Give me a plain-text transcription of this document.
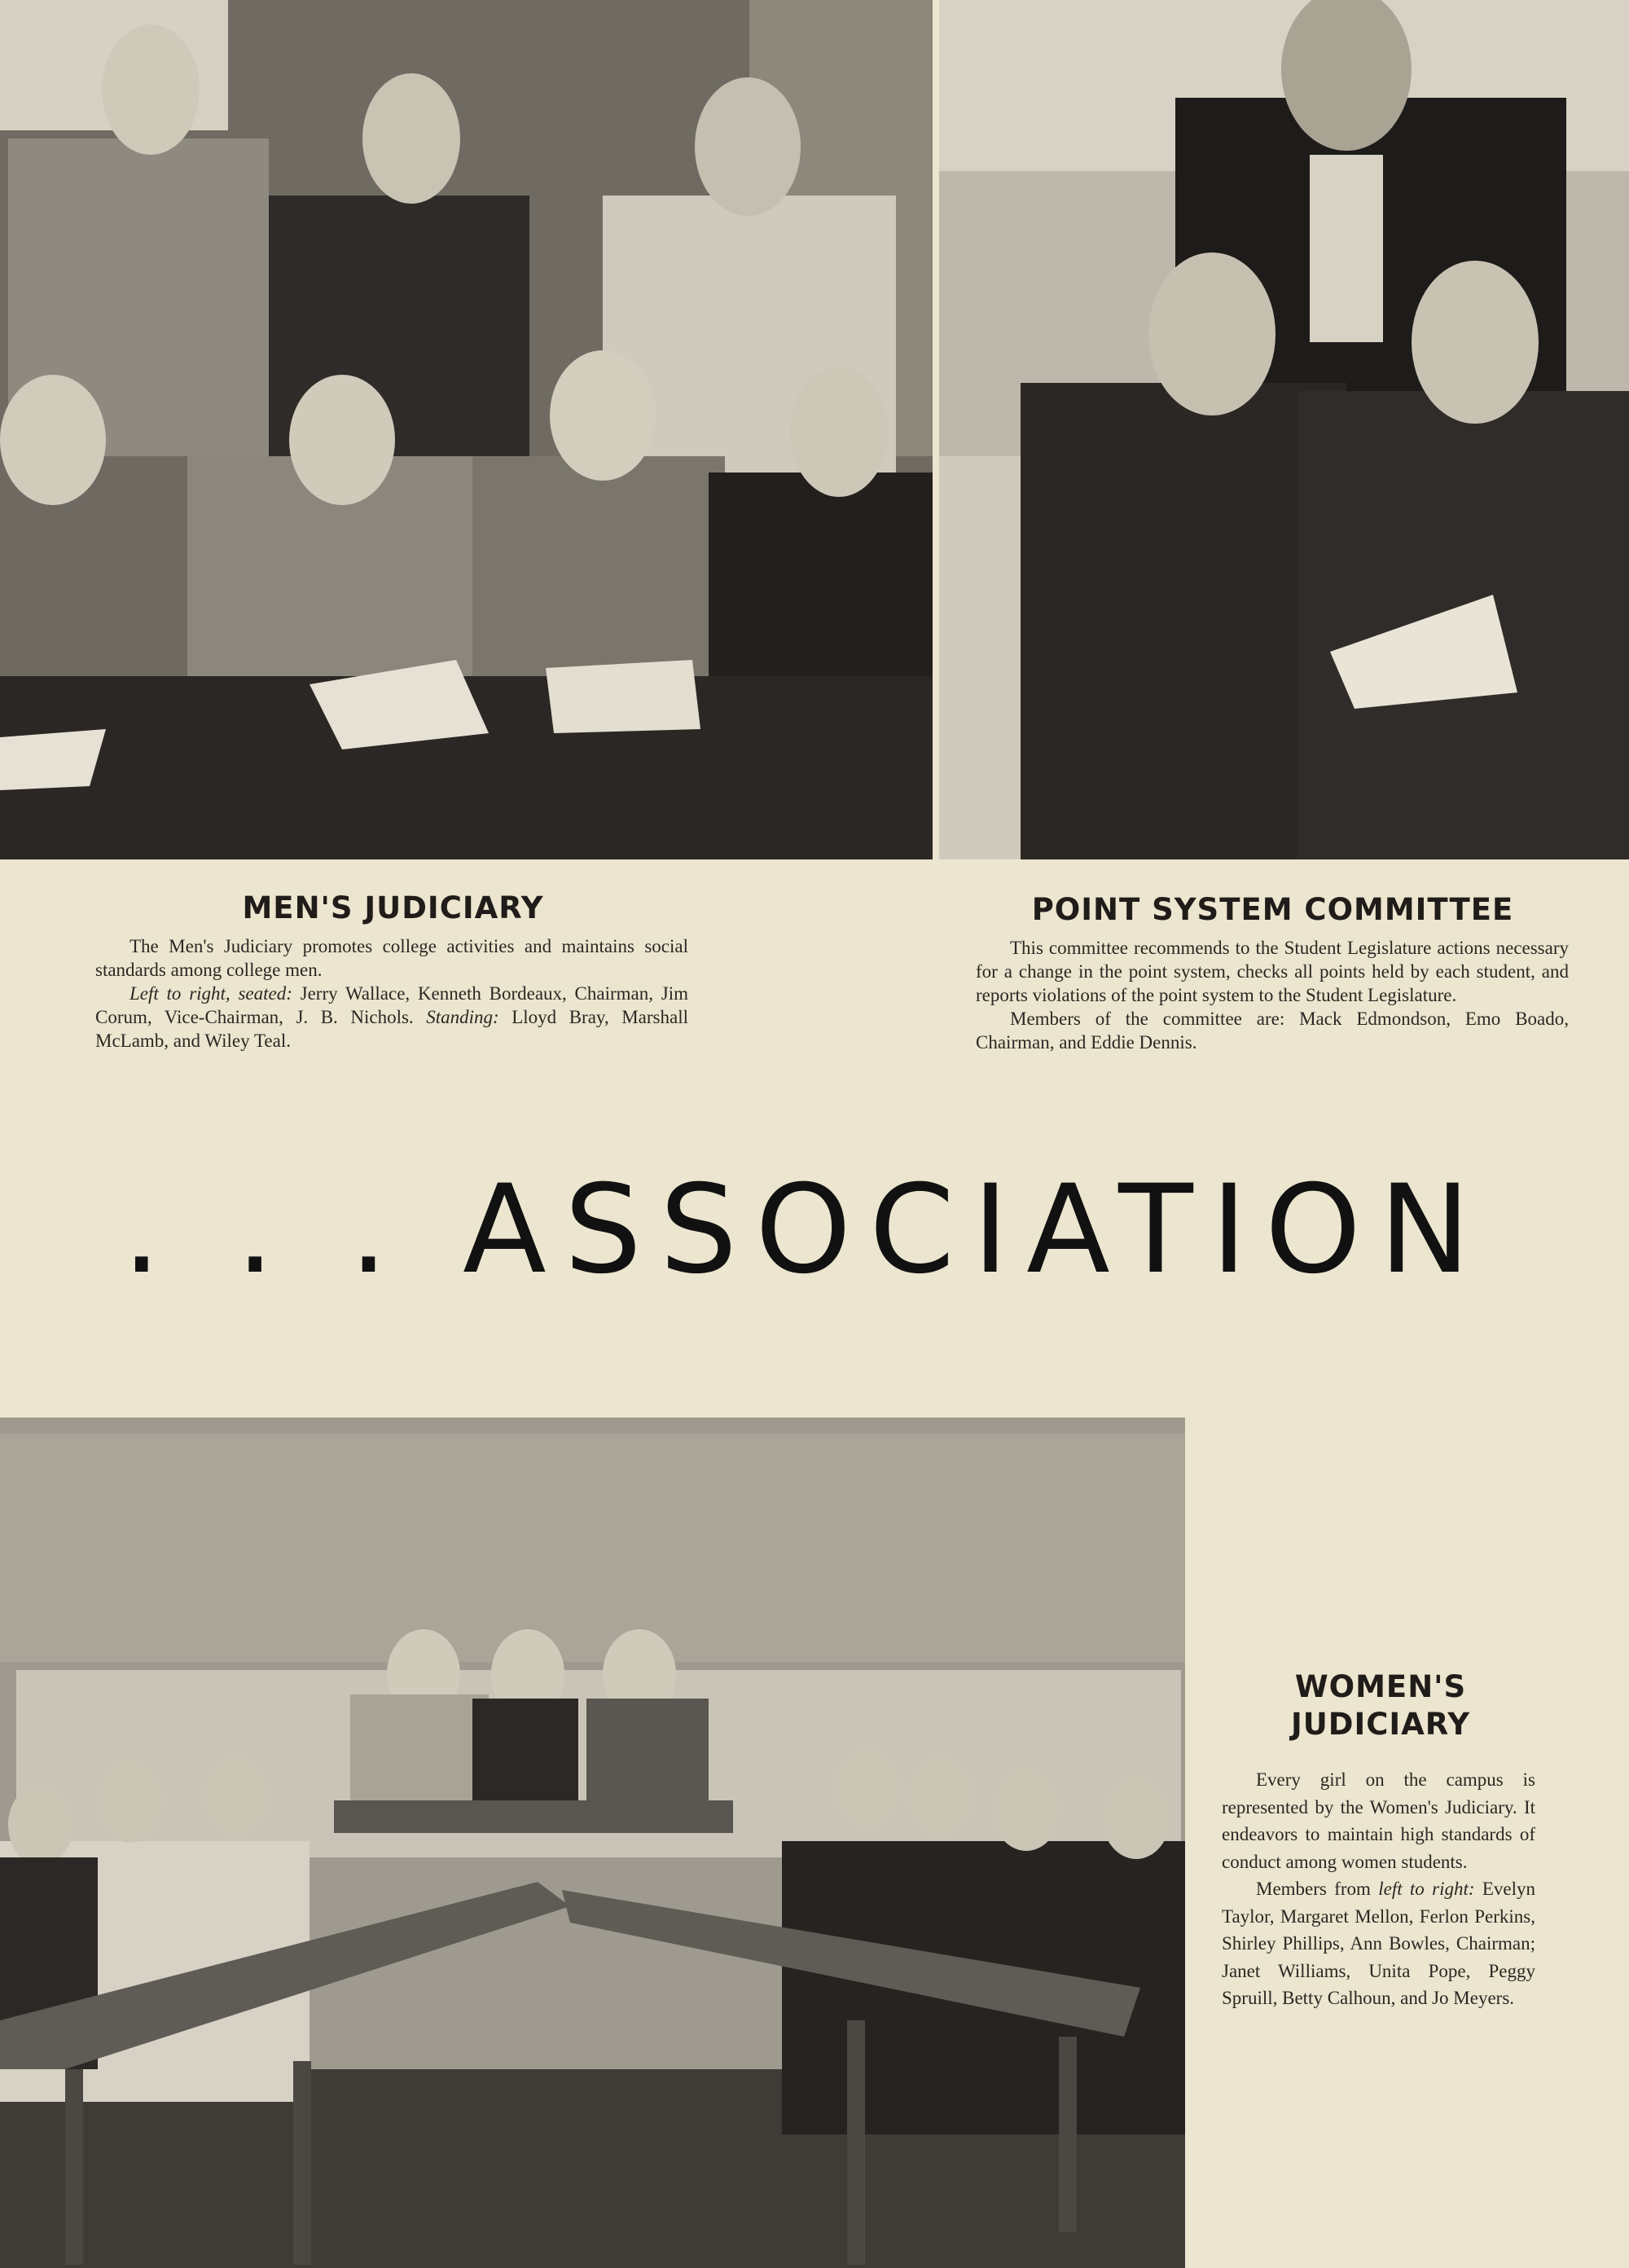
MEN'S JUDICIARY

The Men's Judiciary promotes college activities and maintains social standards among college men.

Left to right, seated: Jerry Wallace, Kenneth Bordeaux, Chairman, Jim Corum, Vice-Chairman, J. B. Nichols. Standing: Lloyd Bray, Marshall McLamb, and Wiley Teal.

POINT SYSTEM COMMITTEE

This committee recommends to the Student Legislature actions necessary for a change in the point system, checks all points held by each student, and reports violations of the point system to the Student Legislature.

Members of the committee are: Mack Edmondson, Emo Boado, Chairman, and Eddie Dennis.

. . . ASSOCIATION
WOMEN'S
JUDICIARY

Every girl on the campus is represented by the Women's Judiciary. It endeavors to maintain high standards of conduct among women students.

Members from left to right: Evelyn Taylor, Margaret Mellon, Ferlon Perkins, Shirley Phillips, Ann Bowles, Chairman; Janet Williams, Unita Pope, Peggy Spruill, Betty Calhoun, and Jo Meyers.
